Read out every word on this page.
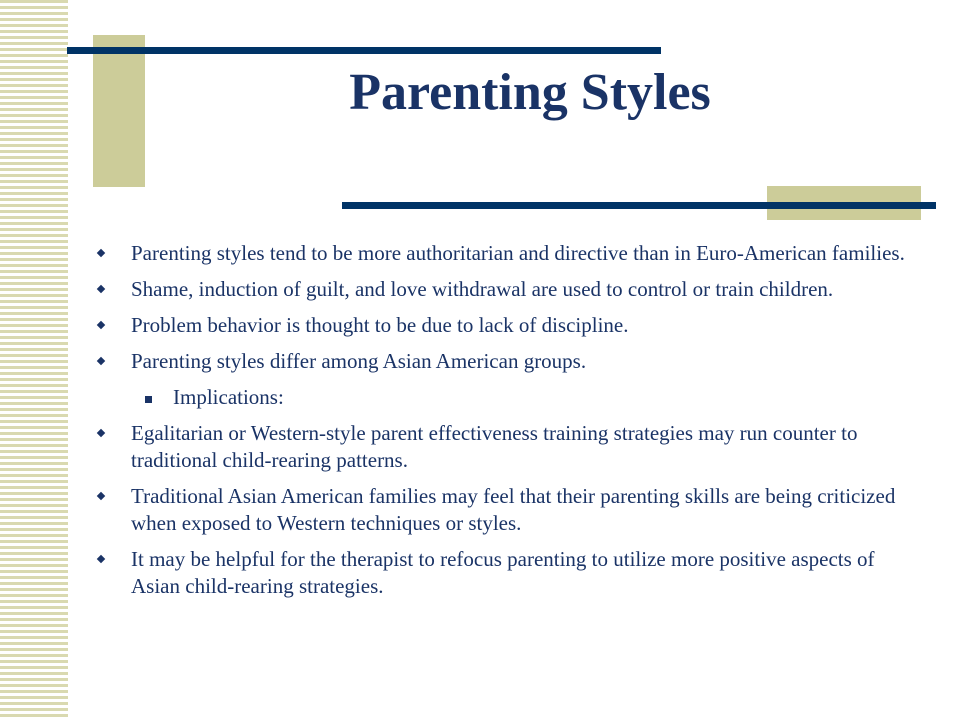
Parenting Styles
Parenting styles tend to be more authoritarian and directive than in Euro-American families.
Shame, induction of guilt, and love withdrawal are used to control or train children.
Problem behavior is thought to be due to lack of discipline.
Parenting styles differ among Asian American groups.
Implications:
Egalitarian or Western-style parent effectiveness training strategies may run counter to traditional child-rearing patterns.
Traditional Asian American families may feel that their parenting skills are being criticized when exposed to Western techniques or styles.
It may be helpful for the therapist to refocus parenting to utilize more positive aspects of Asian child-rearing strategies.
